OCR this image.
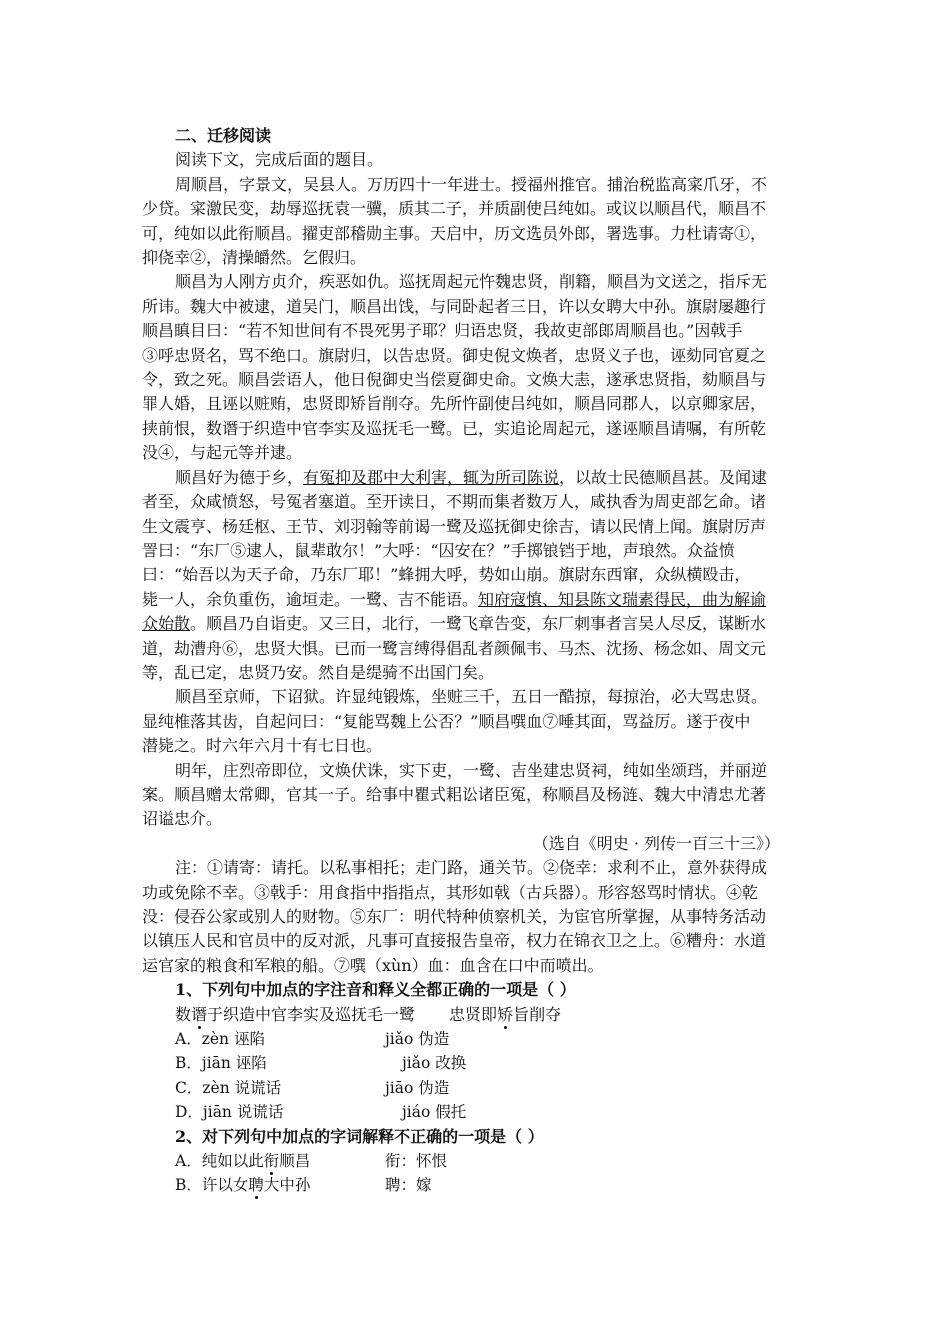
二、迁移阅读

阅读下文，完成后面的题目。

周顺昌，字景文，吴县人。万历四十一年进士。授福州推官。捕治税监高寀爪牙，不

少贷。寀激民变，劫辱巡抚袁一骥，质其二子，并质副使吕纯如。或议以顺昌代，顺昌不

可，纯如以此衔顺昌。擢吏部稽勋主事。天启中，历文选员外郎，署选事。力杜请寄①，

抑侥幸②，清操皭然。乞假归。

顺昌为人刚方贞介，疾恶如仇。巡抚周起元忤魏忠贤，削籍，顺昌为文送之，指斥无

所讳。魏大中被逮，道吴门，顺昌出饯，与同卧起者三日，许以女聘大中孙。旗尉屡趣行

顺昌瞋目曰：“若不知世间有不畏死男子耶？归语忠贤，我故吏部郎周顺昌也。”因戟手

③呼忠贤名，骂不绝口。旗尉归，以告忠贤。御史倪文焕者，忠贤义子也，诬劾同官夏之

令，致之死。顺昌尝语人，他日倪御史当偿夏御史命。文焕大恚，遂承忠贤指，劾顺昌与

罪人婚，且诬以赃贿，忠贤即矫旨削夺。先所忤副使吕纯如，顺昌同郡人，以京卿家居，

挟前恨，数谮于织造中官李实及巡抚毛一鹭。已，实追论周起元，遂诬顺昌请嘱，有所乾

没④，与起元等并逮。

顺昌好为德于乡，有冤抑及郡中大利害，辄为所司陈说，以故士民德顺昌甚。及闻逮

者至，众咸愤怒，号冤者塞道。至开读日，不期而集者数万人，咸执香为周吏部乞命。诸

生文震亨、杨廷枢、王节、刘羽翰等前谒一鹭及巡抚御史徐吉，请以民情上闻。旗尉厉声

詈曰：“东厂⑤逮人，鼠辈敢尔！”大呼：“囚安在？”手掷锒铛于地，声琅然。众益愤

曰：“始吾以为天子命，乃东厂耶！”蜂拥大呼，势如山崩。旗尉东西窜，众纵横殴击，

毙一人，余负重伤，逾垣走。一鹭、吉不能语。知府寇慎、知县陈文瑞素得民，曲为解谕

众始散。顺昌乃自诣吏。又三日，北行，一鹭飞章告变，东厂刺事者言吴人尽反，谋断水

道，劫漕舟⑥，忠贤大惧。已而一鹭言缚得倡乱者颜佩韦、马杰、沈扬、杨念如、周文元

等，乱已定，忠贤乃安。然自是缇骑不出国门矣。

顺昌至京师，下诏狱。许显纯锻炼，坐赃三千，五日一酷掠，每掠治，必大骂忠贤。

显纯椎落其齿，自起问曰：“复能骂魏上公否？”顺昌噀血⑦唾其面，骂益厉。遂于夜中

潜毙之。时六年六月十有七日也。

明年，庄烈帝即位，文焕伏诛，实下吏，一鹭、吉坐建忠贤祠，纯如坐颂珰，并丽逆

案。顺昌赠太常卿，官其一子。给事中瞿式耜讼诸臣冤，称顺昌及杨涟、魏大中清忠尤著

诏谥忠介。

（选自《明史 · 列传一百三十三》）

注：①请寄：请托。以私事相托；走门路，通关节。②侥幸：求利不止，意外获得成

功或免除不幸。③戟手：用食指中指指点，其形如戟（古兵器）。形容怒骂时情状。④乾

没：侵吞公家或别人的财物。⑤东厂：明代特种侦察机关，为宦官所掌握，从事特务活动

以镇压人民和官员中的反对派，凡事可直接报告皇帝，权力在锦衣卫之上。⑥糟舟：水道

运官家的粮食和军粮的船。⑦噀（xùn）血：血含在口中而喷出。

1、下列句中加点的字注音和释义全都正确的一项是（ ）

数谮于织造中官李实及巡抚毛一鹭 忠贤即矫旨削夺

A．zèn 诬陷	jiǎo 伪造
B．jiān 诬陷	jiǎo 改换
C．zèn 说谎话	jiāo 伪造
D．jiān 说谎话	jiáo 假托

2、对下列句中加点的字词解释不正确的一项是（ ）

A．纯如以此衔顺昌	衔：怀恨
B．许以女聘大中孙	聘：嫁
